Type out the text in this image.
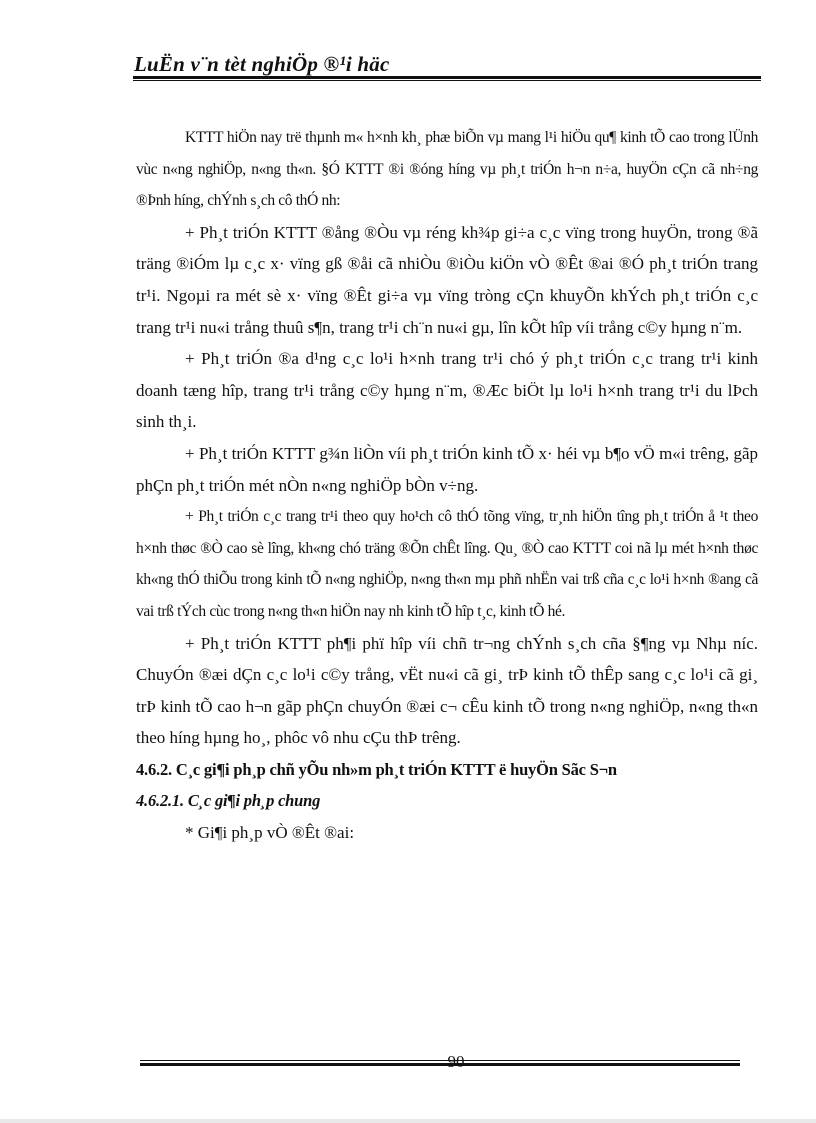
LuËn v¨n tèt nghiÖp ®¹i häc

KTTT hiÖn nay trë thµnh m« h×nh kh¸ phæ biÕn vµ mang l¹i hiÖu qu¶ kinh tÕ cao trong lÜnh vùc n«ng nghiÖp, n«ng th«n. §Ó KTTT ®i ®óng híng vµ ph¸t triÓn h¬n n÷a, huyÖn cÇn cã nh÷ng ®Þnh híng, chÝnh s¸ch cô thÓ nh:

+ Ph¸t triÓn KTTT ®ång ®Òu vµ réng kh¾p gi÷a c¸c vïng trong huyÖn, trong ®ã träng ®iÓm lµ c¸c x· vïng gß ®åi cã nhiÒu ®iÒu kiÖn vÒ ®Êt ®ai ®Ó ph¸t triÓn trang tr¹i. Ngoµi ra mét sè x· vïng ®Êt gi÷a vµ vïng tròng cÇn khuyÕn khÝch ph¸t triÓn c¸c trang tr¹i nu«i trång thuû s¶n, trang tr¹i ch¨n nu«i gµ, lîn kÕt hîp víi trång c©y hµng n¨m.

+ Ph¸t triÓn ®a d¹ng c¸c lo¹i h×nh trang tr¹i chó ý ph¸t triÓn c¸c trang tr¹i kinh doanh tæng hîp, trang tr¹i trång c©y hµng n¨m, ®Æc biÖt lµ lo¹i h×nh trang tr¹i du lÞch sinh th¸i.

+ Ph¸t triÓn KTTT g¾n liÒn víi ph¸t triÓn kinh tÕ x· héi vµ b¶o vÖ m«i trêng, gãp phÇn ph¸t triÓn mét nÒn n«ng nghiÖp bÒn v÷ng.

+ Ph¸t triÓn c¸c trang tr¹i theo quy ho¹ch cô thÓ tõng vïng, tr¸nh hiÖn tîng ph¸t triÓn å ¹t theo h×nh thøc ®Ò cao sè lîng, kh«ng chó träng ®Õn chÊt lîng. Qu¸ ®Ò cao KTTT coi nã lµ mét h×nh thøc kh«ng thÓ thiÕu trong kinh tÕ n«ng nghiÖp, n«ng th«n mµ phñ nhËn vai trß cña c¸c lo¹i h×nh ®ang cã vai trß tÝch cùc trong n«ng th«n hiÖn nay nh kinh tÕ hîp t¸c, kinh tÕ hé.

+ Ph¸t triÓn KTTT ph¶i phï hîp víi chñ tr¬ng chÝnh s¸ch cña §¶ng vµ Nhµ níc. ChuyÓn ®æi dÇn c¸c lo¹i c©y trång, vËt nu«i cã gi¸ trÞ kinh tÕ thÊp sang c¸c lo¹i cã gi¸ trÞ kinh tÕ cao h¬n gãp phÇn chuyÓn ®æi c¬ cÊu kinh tÕ trong n«ng nghiÖp, n«ng th«n theo híng hµng ho¸, phôc vô nhu cÇu thÞ trêng.

4.6.2. C¸c gi¶i ph¸p chñ yÕu nh»m ph¸t triÓn KTTT ë huyÖn Sãc S¬n

4.6.2.1. C¸c gi¶i ph¸p chung

* Gi¶i ph¸p vÒ ®Êt ®ai:

90
